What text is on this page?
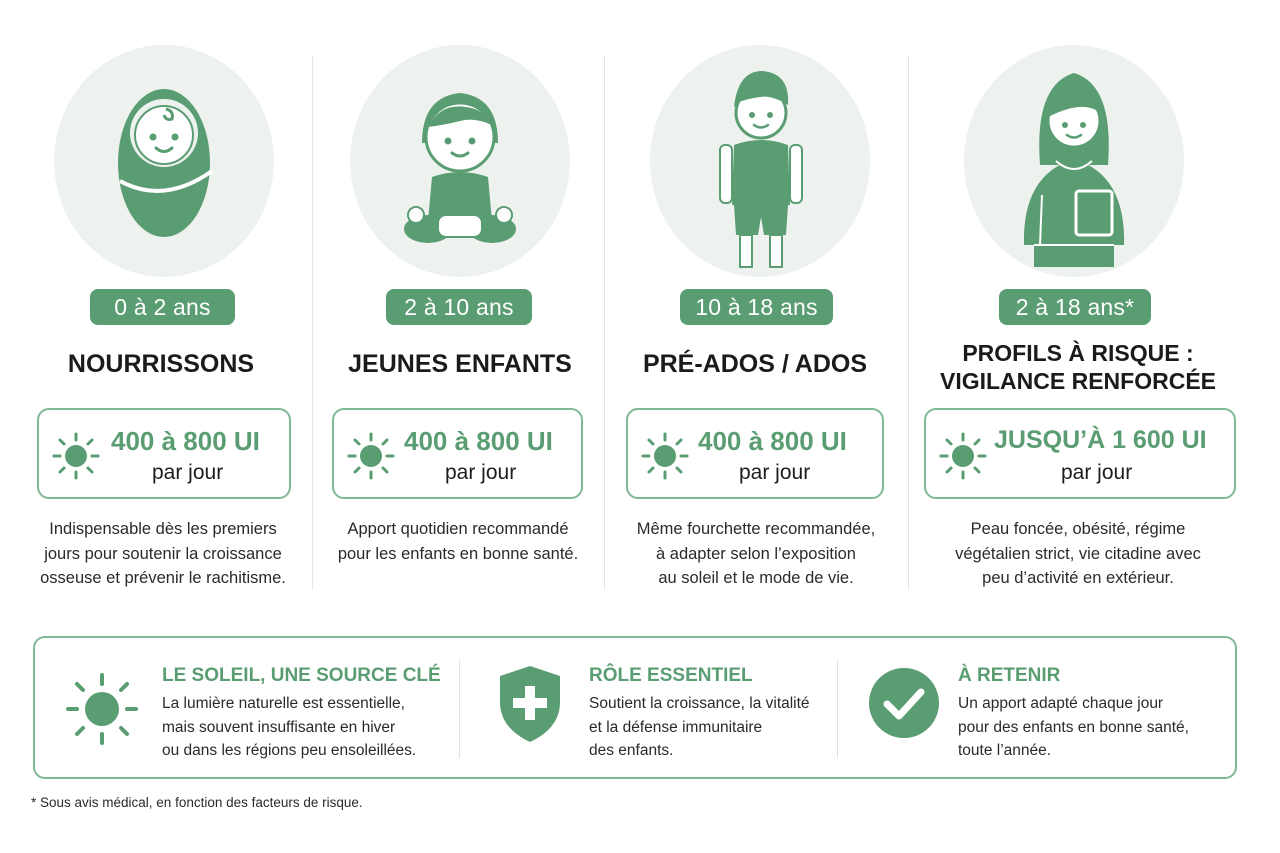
0 à 2 ans
NOURRISSONS
400 à 800 UI
par jour
Indispensable dès les premiers
jours pour soutenir la croissance
osseuse et prévenir le rachitisme.
2 à 10 ans
JEUNES ENFANTS
400 à 800 UI
par jour
Apport quotidien recommandé
pour les enfants en bonne santé.
10 à 18 ans
PRÉ-ADOS / ADOS
400 à 800 UI
par jour
Même fourchette recommandée,
à adapter selon l’exposition
au soleil et le mode de vie.
2 à 18 ans*
PROFILS À RISQUE :
VIGILANCE RENFORCÉE
JUSQU’À 1 600 UI
par jour
Peau foncée, obésité, régime
végétalien strict, vie citadine avec
peu d’activité en extérieur.
LE SOLEIL, UNE SOURCE CLÉ
La lumière naturelle est essentielle,
mais souvent insuffisante en hiver
ou dans les régions peu ensoleillées.
RÔLE ESSENTIEL
Soutient la croissance, la vitalité
et la défense immunitaire
des enfants.
À RETENIR
Un apport adapté chaque jour
pour des enfants en bonne santé,
toute l’année.
* Sous avis médical, en fonction des facteurs de risque.
